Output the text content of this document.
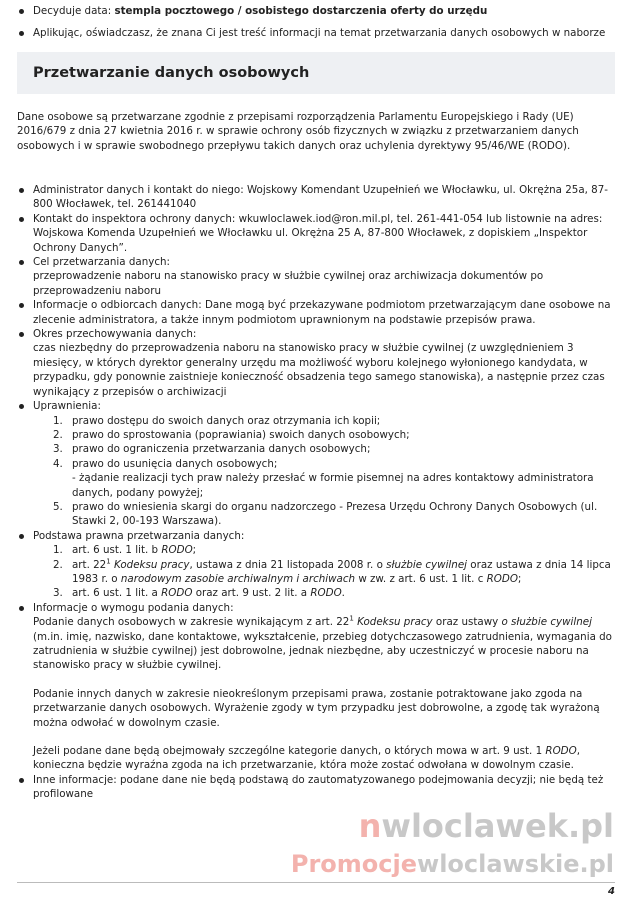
Decyduje data: stempla pocztowego / osobistego dostarczenia oferty do urzędu
Aplikując, oświadczasz, że znana Ci jest treść informacji na temat przetwarzania danych osobowych w naborze
Przetwarzanie danych osobowych

Dane osobowe są przetwarzane zgodnie z przepisami rozporządzenia Parlamentu Europejskiego i Rady (UE) 2016/679 z dnia 27 kwietnia 2016 r. w sprawie ochrony osób fizycznych w związku z przetwarzaniem danych osobowych i w sprawie swobodnego przepływu takich danych oraz uchylenia dyrektywy 95/46/WE (RODO).

Administrator danych i kontakt do niego: Wojskowy Komendant Uzupełnień we Włocławku, ul. Okrężna 25a, 87-800 Włocławek, tel. 261441040
Kontakt do inspektora ochrony danych: wkuwloclawek.iod@ron.mil.pl, tel. 261-441-054 lub listownie na adres: Wojskowa Komenda Uzupełnień we Włocławku ul. Okrężna 25 A, 87-800 Włocławek, z dopiskiem „Inspektor Ochrony Danych”.
Cel przetwarzania danych:
przeprowadzenie naboru na stanowisko pracy w służbie cywilnej oraz archiwizacja dokumentów po przeprowadzeniu naboru
Informacje o odbiorcach danych: Dane mogą być przekazywane podmiotom przetwarzającym dane osobowe na zlecenie administratora, a także innym podmiotom uprawnionym na podstawie przepisów prawa.
Okres przechowywania danych:
czas niezbędny do przeprowadzenia naboru na stanowisko pracy w służbie cywilnej (z uwzględnieniem 3 miesięcy, w których dyrektor generalny urzędu ma możliwość wyboru kolejnego wyłonionego kandydata, w przypadku, gdy ponownie zaistnieje konieczność obsadzenia tego samego stanowiska), a następnie przez czas wynikający z przepisów o archiwizacji
Uprawnienia:
1. prawo dostępu do swoich danych oraz otrzymania ich kopii;
2. prawo do sprostowania (poprawiania) swoich danych osobowych;
3. prawo do ograniczenia przetwarzania danych osobowych;
4. prawo do usunięcia danych osobowych;
- żądanie realizacji tych praw należy przesłać w formie pisemnej na adres kontaktowy administratora danych, podany powyżej;
5. prawo do wniesienia skargi do organu nadzorczego - Prezesa Urzędu Ochrony Danych Osobowych (ul. Stawki 2, 00-193 Warszawa).
Podstawa prawna przetwarzania danych:
1. art. 6 ust. 1 lit. b RODO;
2. art. $22^1$ Kodeksu pracy, ustawa z dnia 21 listopada 2008 r. o służbie cywilnej oraz ustawa z dnia 14 lipca 1983 r. o narodowym zasobie archiwalnym i archiwach w zw. z art. 6 ust. 1 lit. c RODO;
3. art. 6 ust. 1 lit. a RODO oraz art. 9 ust. 2 lit. a RODO.
Informacje o wymogu podania danych:
Podanie danych osobowych w zakresie wynikającym z art. $22^1$ Kodeksu pracy oraz ustawy o służbie cywilnej (m.in. imię, nazwisko, dane kontaktowe, wykształcenie, przebieg dotychczasowego zatrudnienia, wymagania do zatrudnienia w służbie cywilnej) jest dobrowolne, jednak niezbędne, aby uczestniczyć w procesie naboru na stanowisko pracy w służbie cywilnej.
Podanie innych danych w zakresie nieokreślonym przepisami prawa, zostanie potraktowane jako zgoda na przetwarzanie danych osobowych. Wyrażenie zgody w tym przypadku jest dobrowolne, a zgodę tak wyrażoną można odwołać w dowolnym czasie.
Jeżeli podane dane będą obejmowały szczególne kategorie danych, o których mowa w art. 9 ust. 1 RODO, konieczna będzie wyraźna zgoda na ich przetwarzanie, która może zostać odwołana w dowolnym czasie.
Inne informacje: podane dane nie będą podstawą do zautomatyzowanego podejmowania decyzji; nie będą też profilowane
nwloclawek.pl
Promocjewloclawskie.pl
4
